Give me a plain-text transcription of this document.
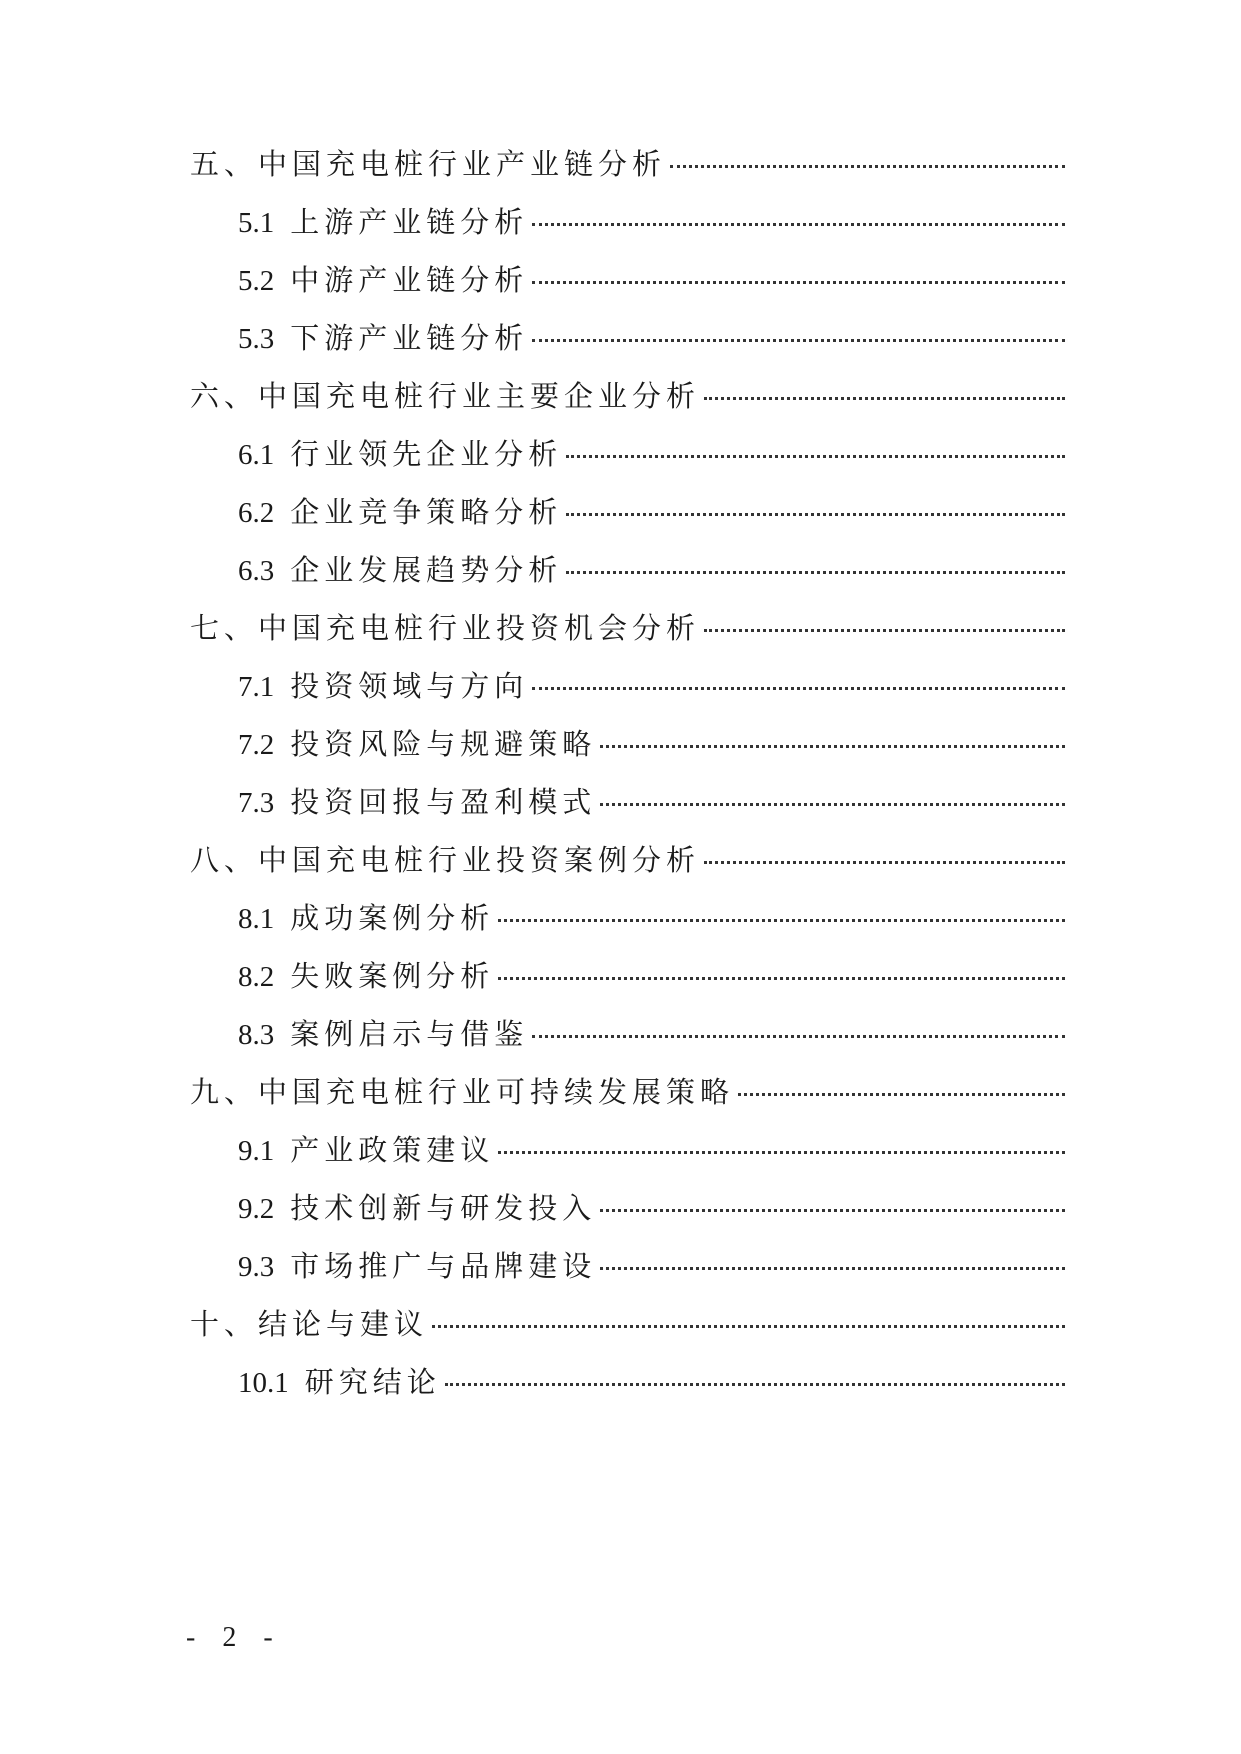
五、中国充电桩行业产业链分析
5.1 上游产业链分析
5.2 中游产业链分析
5.3 下游产业链分析
六、中国充电桩行业主要企业分析
6.1 行业领先企业分析
6.2 企业竞争策略分析
6.3 企业发展趋势分析
七、中国充电桩行业投资机会分析
7.1 投资领域与方向
7.2 投资风险与规避策略
7.3 投资回报与盈利模式
八、中国充电桩行业投资案例分析
8.1 成功案例分析
8.2 失败案例分析
8.3 案例启示与借鉴
九、中国充电桩行业可持续发展策略
9.1 产业政策建议
9.2 技术创新与研发投入
9.3 市场推广与品牌建设
十、结论与建议
10.1 研究结论
- 2 -
